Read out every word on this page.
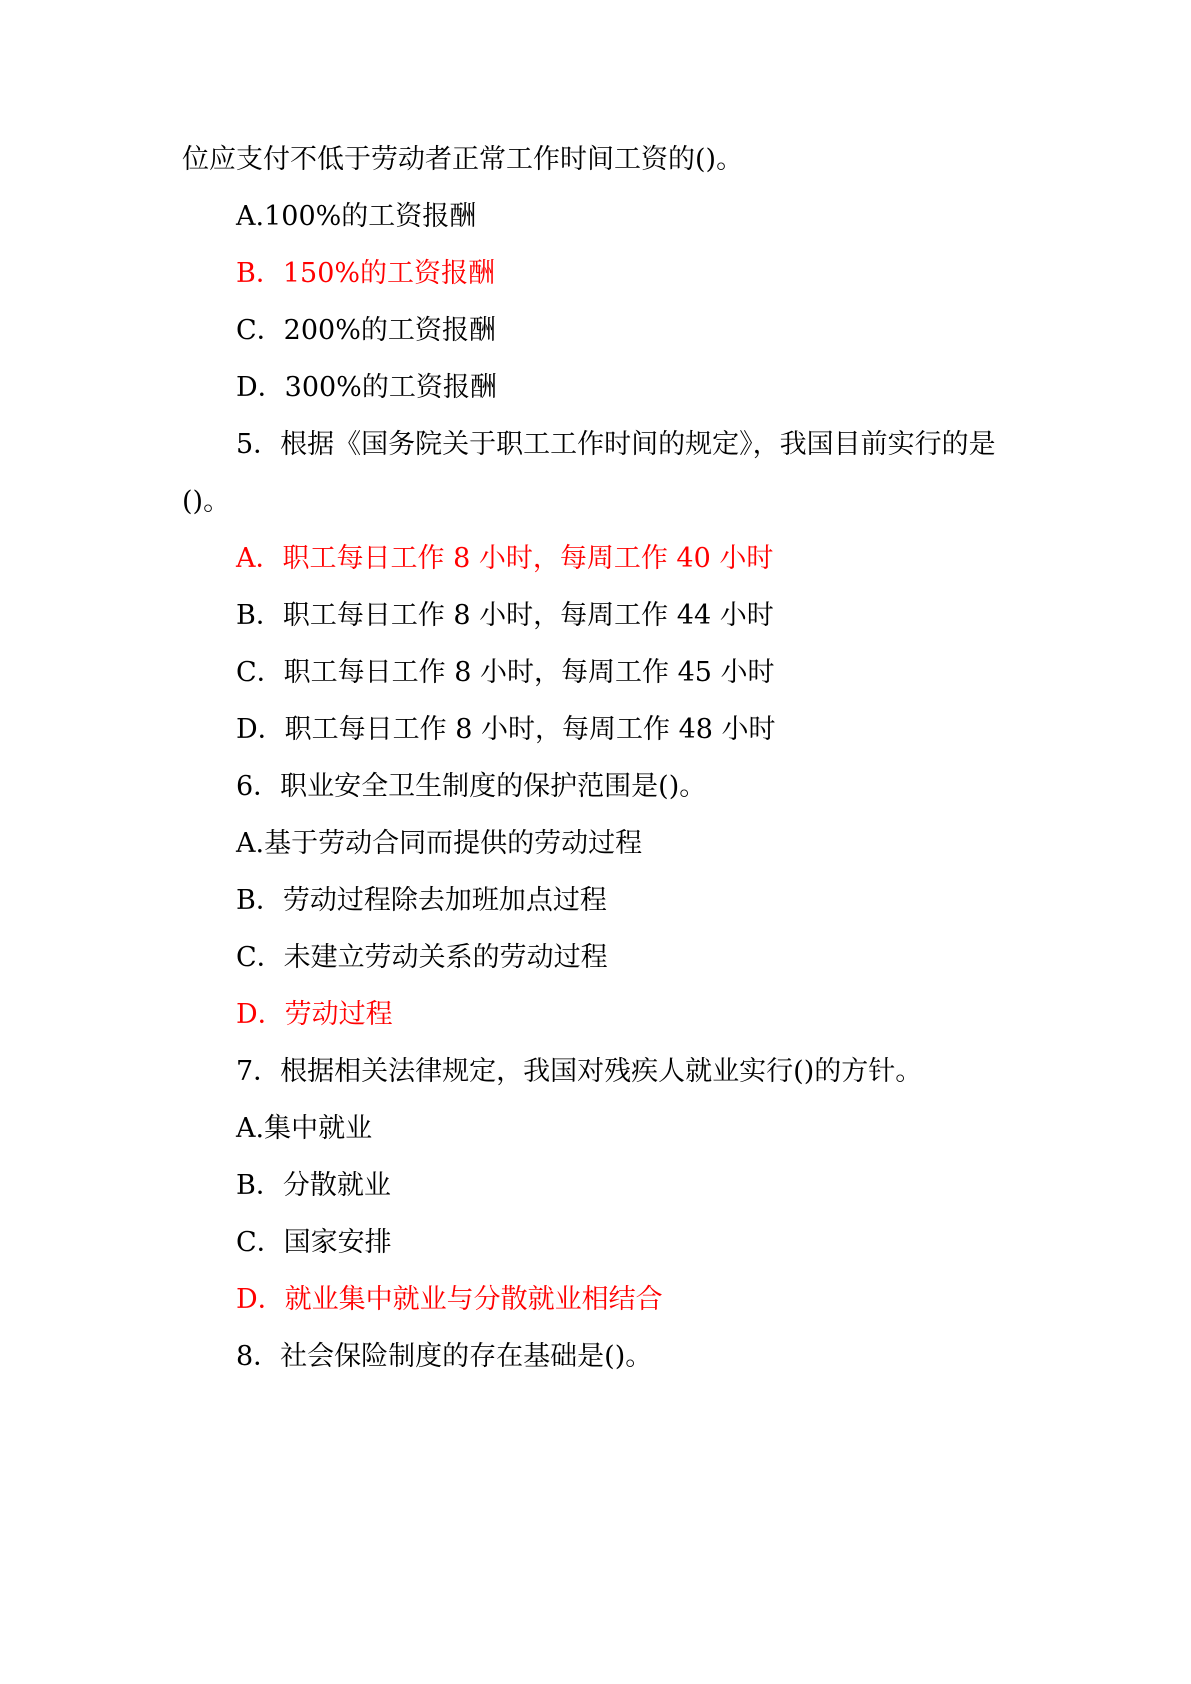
位应支付不低于劳动者正常工作时间工资的()。
A.100%的工资报酬
B．150%的工资报酬
C．200%的工资报酬
D．300%的工资报酬
5．根据《国务院关于职工工作时间的规定》，我国目前实行的是
()。
A．职工每日工作 8 小时，每周工作 40 小时
B．职工每日工作 8 小时，每周工作 44 小时
C．职工每日工作 8 小时，每周工作 45 小时
D．职工每日工作 8 小时，每周工作 48 小时
6．职业安全卫生制度的保护范围是()。
A.基于劳动合同而提供的劳动过程
B．劳动过程除去加班加点过程
C．未建立劳动关系的劳动过程
D．劳动过程
7．根据相关法律规定，我国对残疾人就业实行()的方针。
A.集中就业
B．分散就业
C．国家安排
D．就业集中就业与分散就业相结合
8．社会保险制度的存在基础是()。
